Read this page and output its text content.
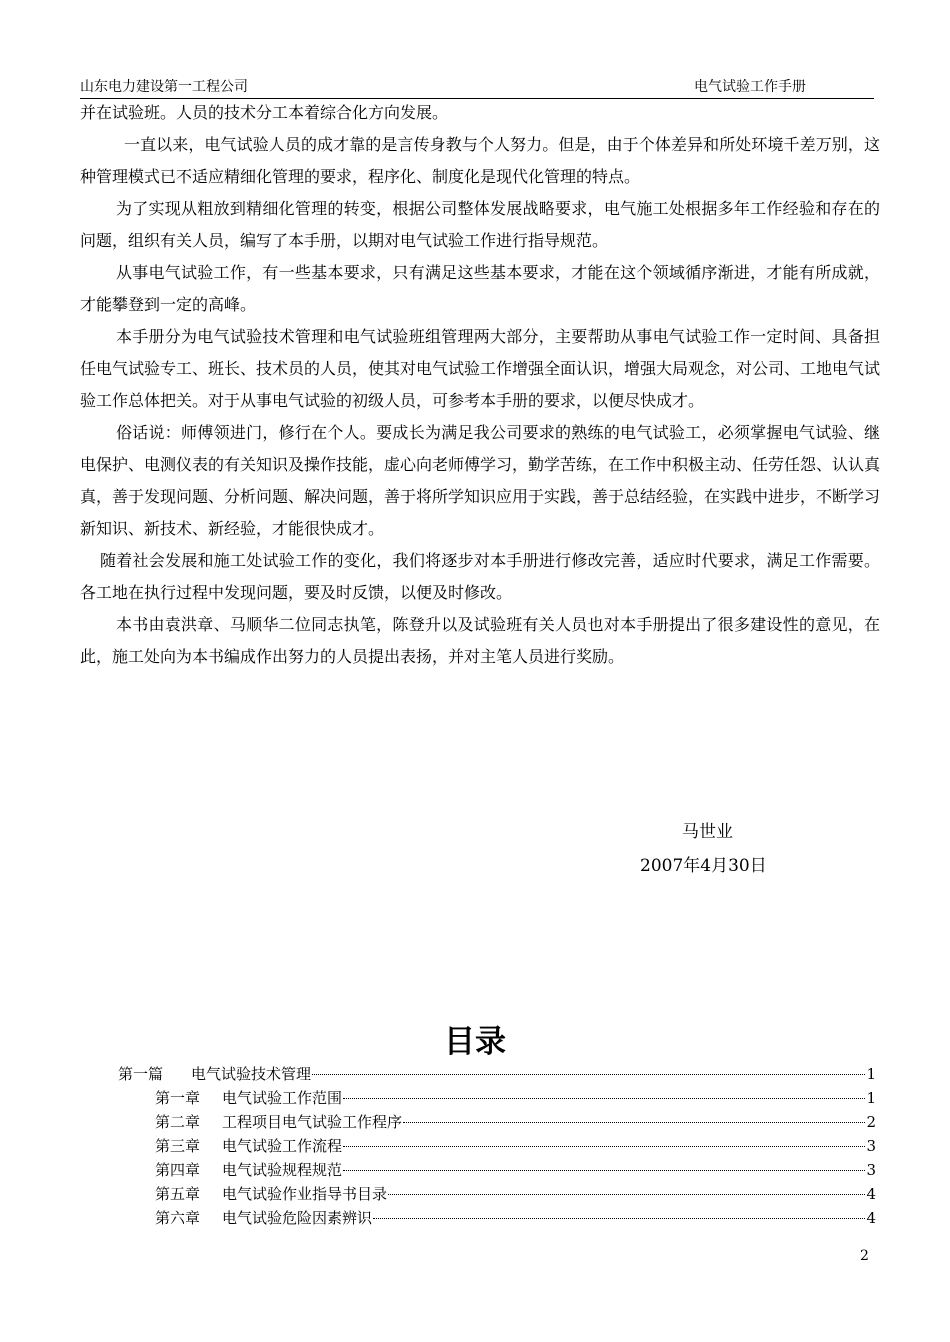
山东电力建设第一工程公司	电气试验工作手册

并在试验班。人员的技术分工本着综合化方向发展。

一直以来，电气试验人员的成才靠的是言传身教与个人努力。但是，由于个体差异和所处环境千差万别，这种管理模式已不适应精细化管理的要求，程序化、制度化是现代化管理的特点。

为了实现从粗放到精细化管理的转变，根据公司整体发展战略要求，电气施工处根据多年工作经验和存在的问题，组织有关人员，编写了本手册，以期对电气试验工作进行指导规范。

从事电气试验工作，有一些基本要求，只有满足这些基本要求，才能在这个领域循序渐进，才能有所成就，才能攀登到一定的高峰。

本手册分为电气试验技术管理和电气试验班组管理两大部分，主要帮助从事电气试验工作一定时间、具备担任电气试验专工、班长、技术员的人员，使其对电气试验工作增强全面认识，增强大局观念，对公司、工地电气试验工作总体把关。对于从事电气试验的初级人员，可参考本手册的要求，以便尽快成才。

俗话说：师傅领进门，修行在个人。要成长为满足我公司要求的熟练的电气试验工，必须掌握电气试验、继电保护、电测仪表的有关知识及操作技能，虚心向老师傅学习，勤学苦练，在工作中积极主动、任劳任怨、认认真真，善于发现问题、分析问题、解决问题，善于将所学知识应用于实践，善于总结经验，在实践中进步，不断学习新知识、新技术、新经验，才能很快成才。

随着社会发展和施工处试验工作的变化，我们将逐步对本手册进行修改完善，适应时代要求，满足工作需要。各工地在执行过程中发现问题，要及时反馈，以便及时修改。

本书由袁洪章、马顺华二位同志执笔，陈登升以及试验班有关人员也对本手册提出了很多建设性的意见，在此，施工处向为本书编成作出努力的人员提出表扬，并对主笔人员进行奖励。

马世业
2007年4月30日
目录
第一篇 电气试验技术管理	1
第一章 电气试验工作范围	1
第二章 工程项目电气试验工作程序	2
第三章 电气试验工作流程	3
第四章 电气试验规程规范	3
第五章 电气试验作业指导书目录	4
第六章 电气试验危险因素辨识	4
2
